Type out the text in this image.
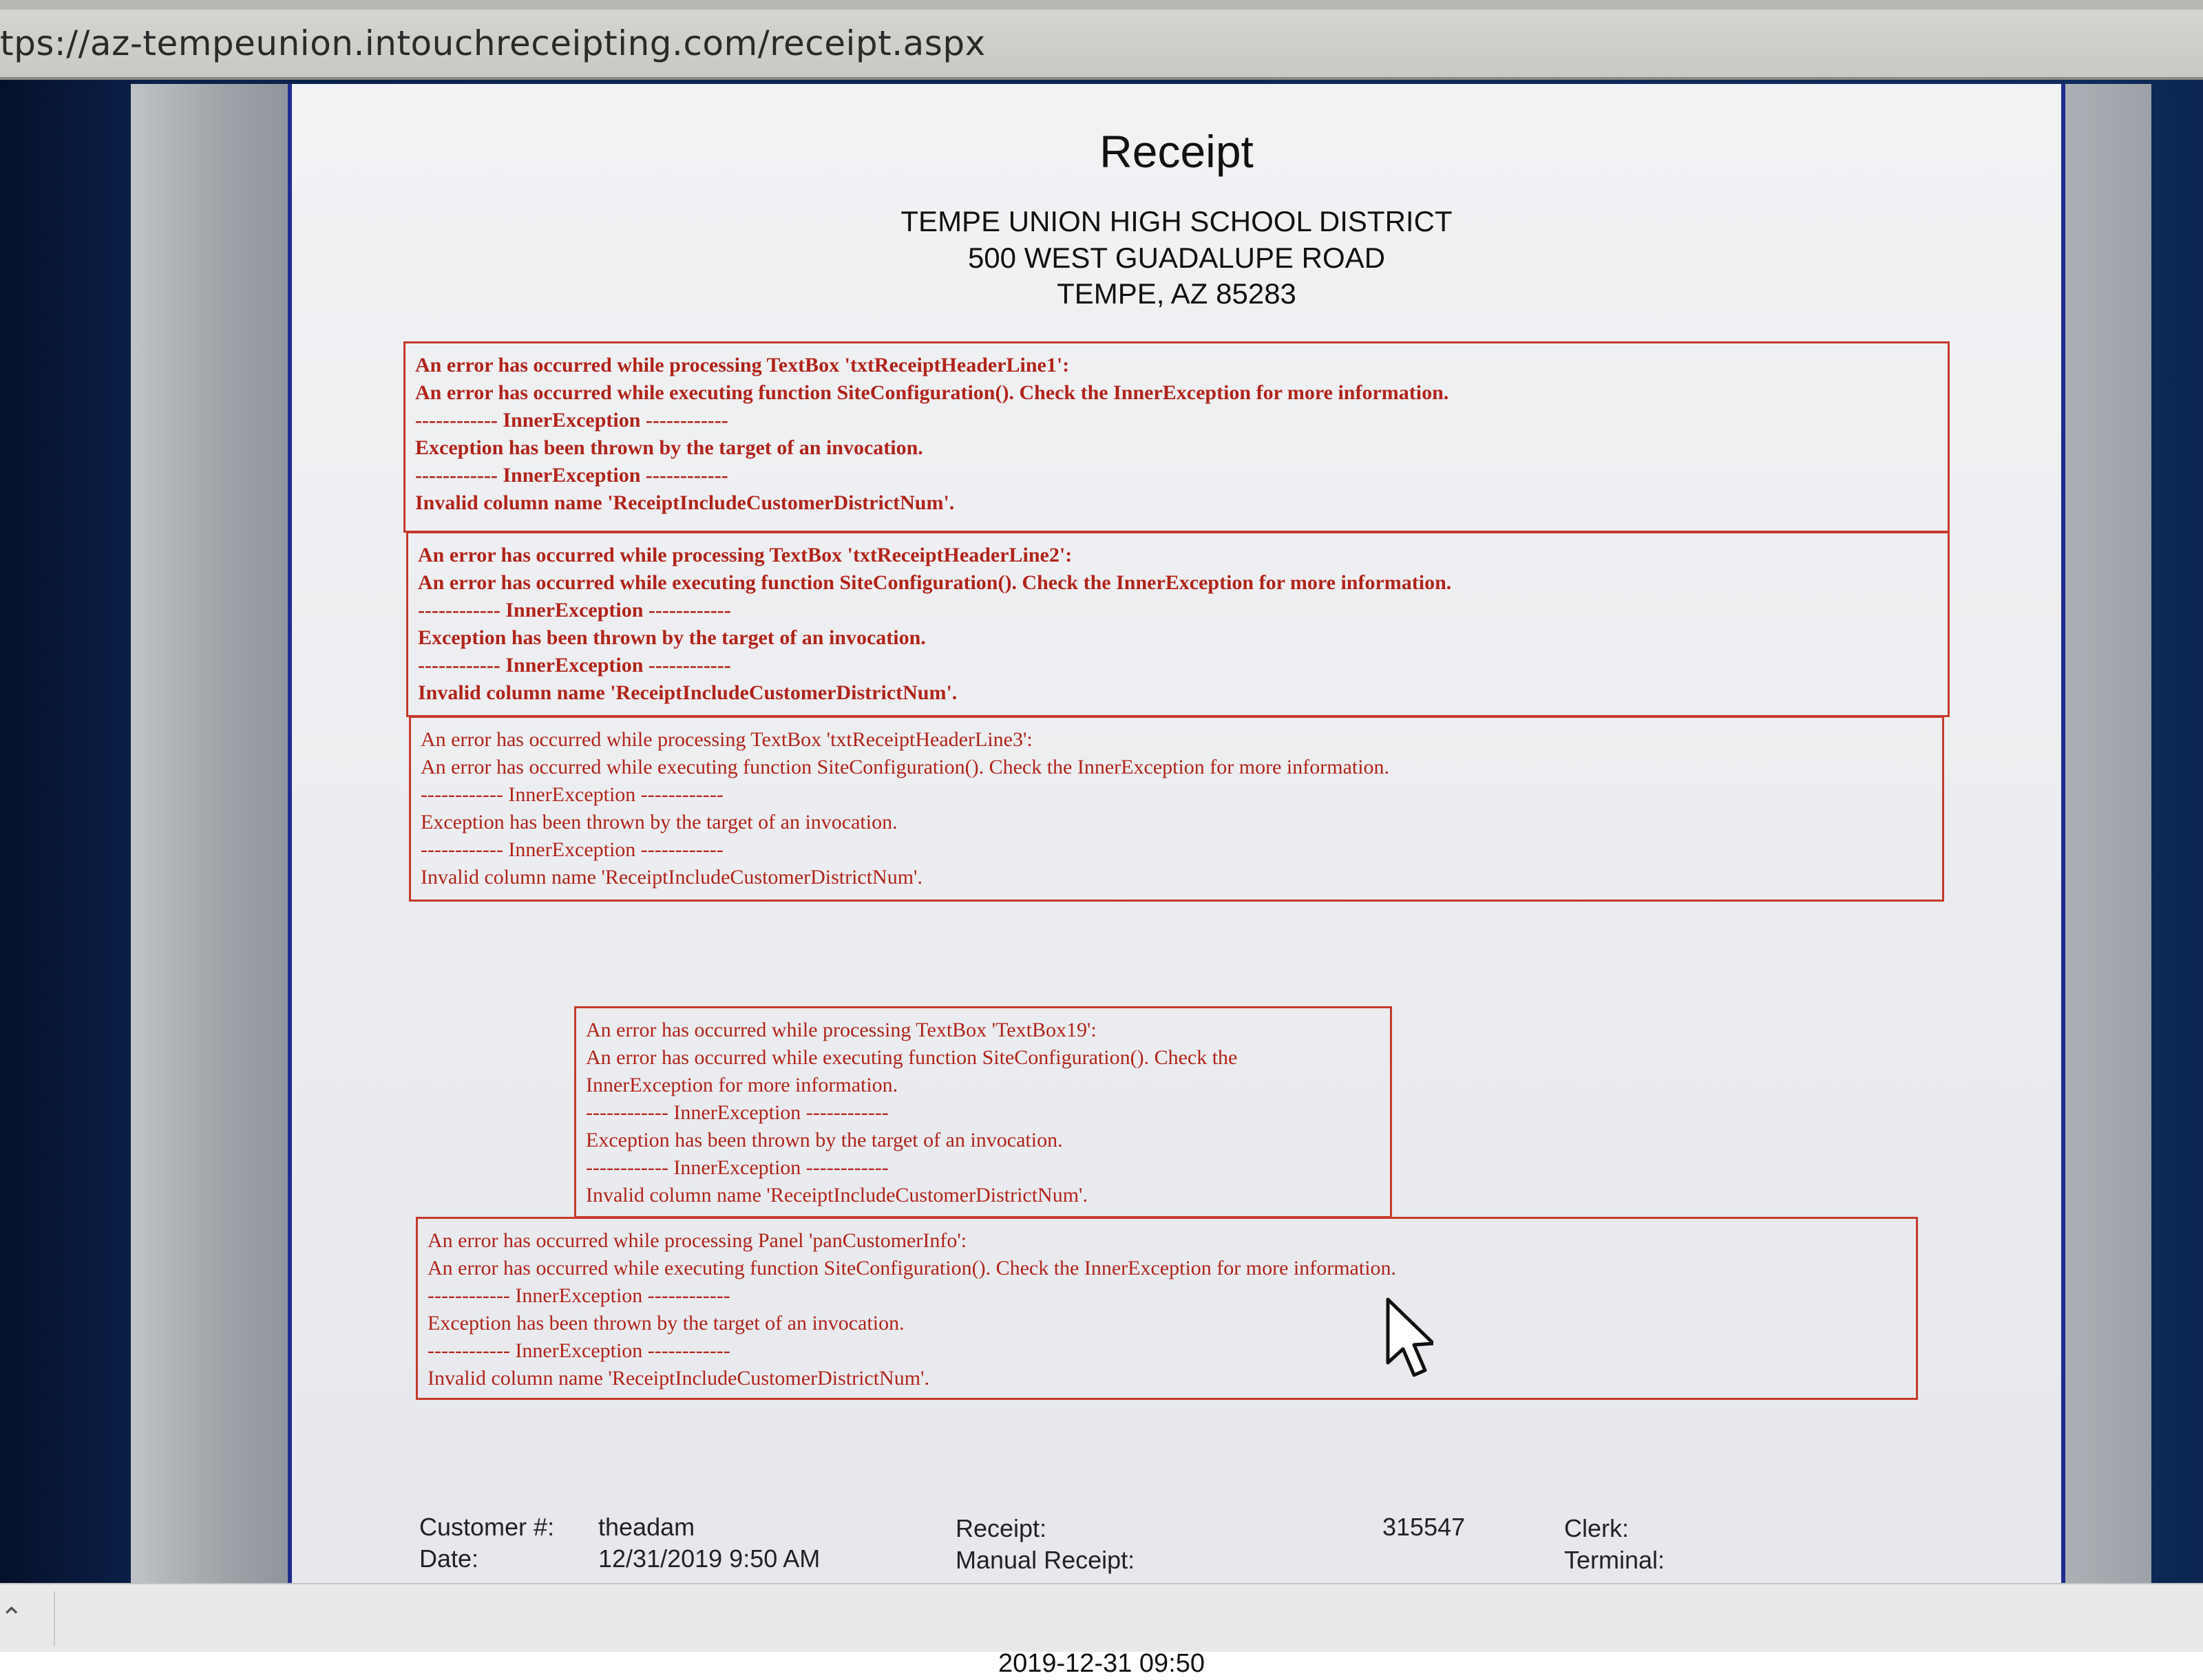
tps://az-tempeunion.intouchreceipting.com/receipt.aspx
Receipt
TEMPE UNION HIGH SCHOOL DISTRICT
500 WEST GUADALUPE ROAD
TEMPE, AZ 85283
An error has occurred while processing TextBox 'txtReceiptHeaderLine1':
An error has occurred while executing function SiteConfiguration(). Check the InnerException for more information.
------------ InnerException ------------
Exception has been thrown by the target of an invocation.
------------ InnerException ------------
Invalid column name 'ReceiptIncludeCustomerDistrictNum'.
An error has occurred while processing TextBox 'txtReceiptHeaderLine2':
An error has occurred while executing function SiteConfiguration(). Check the InnerException for more information.
------------ InnerException ------------
Exception has been thrown by the target of an invocation.
------------ InnerException ------------
Invalid column name 'ReceiptIncludeCustomerDistrictNum'.
An error has occurred while processing TextBox 'txtReceiptHeaderLine3':
An error has occurred while executing function SiteConfiguration(). Check the InnerException for more information.
------------ InnerException ------------
Exception has been thrown by the target of an invocation.
------------ InnerException ------------
Invalid column name 'ReceiptIncludeCustomerDistrictNum'.
An error has occurred while processing TextBox 'TextBox19':
An error has occurred while executing function SiteConfiguration(). Check the
InnerException for more information.
------------ InnerException ------------
Exception has been thrown by the target of an invocation.
------------ InnerException ------------
Invalid column name 'ReceiptIncludeCustomerDistrictNum'.
An error has occurred while processing Panel 'panCustomerInfo':
An error has occurred while executing function SiteConfiguration(). Check the InnerException for more information.
------------ InnerException ------------
Exception has been thrown by the target of an invocation.
------------ InnerException ------------
Invalid column name 'ReceiptIncludeCustomerDistrictNum'.
Customer #: theadam
Date:	12/31/2019 9:50 AM
Receipt:	315547
Manual Receipt:
Clerk:
Terminal:
⌃
2019-12-31 09:50
